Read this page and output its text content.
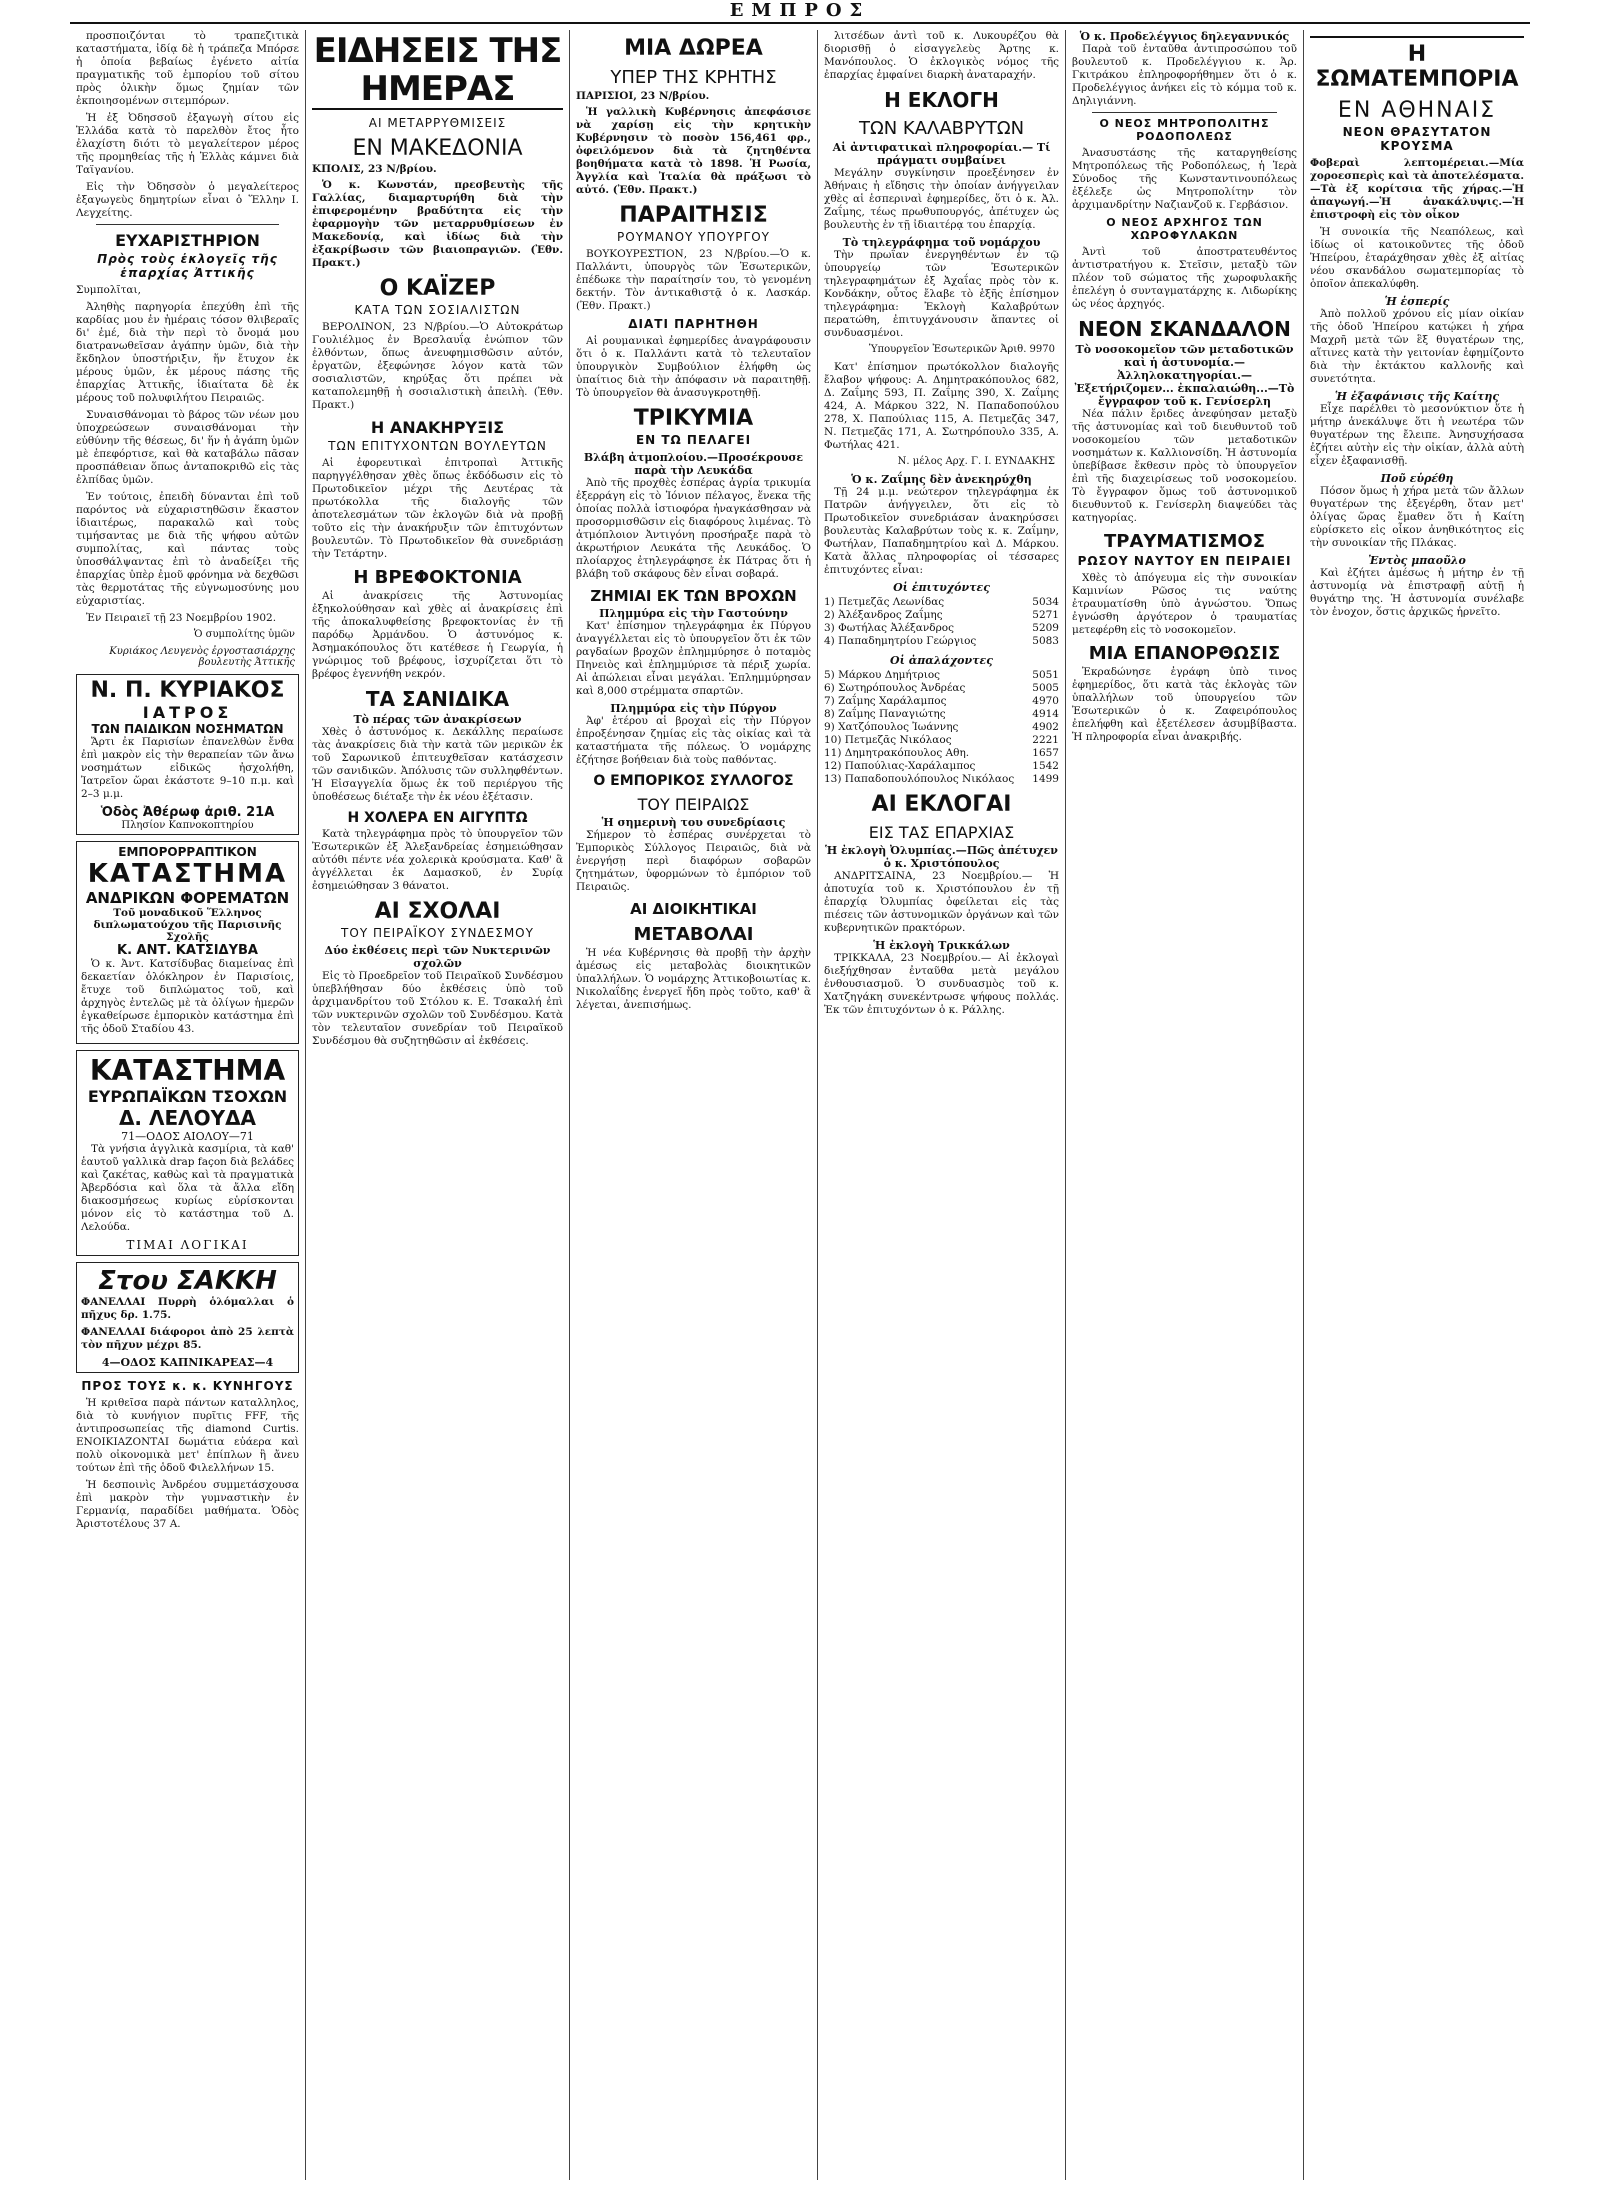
ΕΜΠΡΟΣ

προσποιζόνται τὸ τραπεζιτικὰ καταστήματα, ἰδίᾳ δὲ ἡ τράπεζα Μπόρσε ἡ ὁποία βεβαίως ἐγένετο αἰτία πραγματικῆς τοῦ ἐμπορίου τοῦ σίτου πρὸς ὀλικὴν ὅμως ζημίαν τῶν ἐκποιησομένων σιτεμπόρων.

Ἡ ἐξ Ὀδησσοῦ ἐξαγωγὴ σίτου εἰς Ἑλλάδα κατὰ τὸ παρελθὸν ἔτος ἦτο ἐλαχίστη διότι τὸ μεγαλείτερον μέρος τῆς προμηθείας τῆς ἡ Ἑλλὰς κάμνει διὰ Ταϊγανίου.

Εἰς τὴν Ὀδησσὸν ὁ μεγαλείτερος ἐξαγωγεὺς δημητρίων εἶναι ὁ Ἕλλην Ι. Λεγχείτης.

ΕΥΧΑΡΙΣΤΗΡΙΟΝ
Πρὸς τοὺς ἐκλογεῖς τῆς ἐπαρχίας Ἀττικῆς

Συμπολῖται,

Ἀληθὴς παρηγορία ἐπεχύθη ἐπὶ τῆς καρδίας μου ἐν ἡμέραις τόσον θλιβεραῖς δι' ἐμέ, διὰ τὴν περὶ τὸ ὄνομά μου διατρανωθεῖσαν ἀγάπην ὑμῶν, διὰ τὴν ἔκδηλον ὑποστήριξιν, ἥν ἔτυχον ἐκ μέρους ὑμῶν, ἐκ μέρους πάσης τῆς ἐπαρχίας Ἀττικῆς, ἰδιαίτατα δὲ ἐκ μέρους τοῦ πολυφιλήτου Πειραιῶς.

Συναισθάνομαι τὸ βάρος τῶν νέων μου ὑποχρεώσεων συναισθάνομαι τὴν εὐθύνην τῆς θέσεως, δι' ἥν ἡ ἀγάπη ὑμῶν μὲ ἐπεφόρτισε, καὶ θὰ καταβάλω πᾶσαν προσπάθειαν ὅπως ἀνταποκριθῶ εἰς τὰς ἐλπίδας ὑμῶν.

Ἐν τούτοις, ἐπειδὴ δύνανται ἐπὶ τοῦ παρόντος νὰ εὐχαριστηθῶσιν ἕκαστον ἰδιαιτέρως, παρακαλῶ καὶ τοὺς τιμήσαντας με διὰ τῆς ψήφου αὐτῶν συμπολίτας, καὶ πάντας τοὺς ὑποσθάλψαντας ἐπὶ τὸ ἀναδείξει τῆς ἐπαρχίας ὑπὲρ ἐμοῦ φρόνημα νὰ δεχθῶσι τὰς θερμοτάτας τῆς εὐγνωμοσύνης μου εὐχαριστίας.

Ἐν Πειραιεῖ τῇ 23 Νοεμβρίου 1902.

Ὁ συμπολίτης ὑμῶν
Κυριάκος Λευγενὸς ἐργοστασιάρχης βουλευτὴς Ἀττικῆς
Ν. Π. ΚΥΡΙΑΚΟΣ
ΙΑΤΡΟΣ
ΤΩΝ ΠΑΙΔΙΚΩΝ ΝΟΣΗΜΑΤΩΝ

Ἄρτι ἐκ Παρισίων ἐπανελθὼν ἔνθα ἐπὶ μακρὸν εἰς τὴν θεραπείαν τῶν ἄνω νοσημάτων εἰδικῶς ἠσχολήθη, Ἰατρεῖον ὥραι ἑκάστοτε 9–10 π.μ. καὶ 2–3 μ.μ.

Ὁδὸς Ἀθέρωφ ἀριθ. 21Α
Πλησίον Καπνοκοπτηρίου
ΕΜΠΟΡΟΡΡΑΠΤΙΚΟΝ
ΚΑΤΑΣΤΗΜΑ
ΑΝΔΡΙΚΩΝ ΦΟΡΕΜΑΤΩΝ
Τοῦ μοναδικοῦ Ἕλληνος διπλωματούχου τῆς Παρισινῆς Σχολῆς
Κ. ΑΝΤ. ΚΑΤΣΙΔΥΒΑ

Ὁ κ. Ἀντ. Κατσίδυβας διαμείνας ἐπὶ δεκαετίαν ὁλόκληρον ἐν Παρισίοις, ἔτυχε τοῦ διπλώματος τοῦ, καὶ ἀρχηγὸς ἐντελῶς μὲ τὰ ὀλίγων ἡμερῶν ἐγκαθείρωσε ἐμπορικὸν κατάστημα ἐπὶ τῆς ὁδοῦ Σταδίου 43.

ΚΑΤΑΣΤΗΜΑ
ΕΥΡΩΠΑΪΚΩΝ ΤΣΟΧΩΝ
Δ. ΛΕΛΟΥΔΑ
71—ΟΔΟΣ ΑΙΟΛΟΥ—71

Τὰ γνήσια ἀγγλικὰ κασμίρια, τὰ καθ' ἑαυτοῦ γαλλικὰ drap façon διὰ βελάδες καὶ ζακέτας, καθὼς καὶ τὰ πραγματικὰ Ἀβερδόσια καὶ ὅλα τὰ ἄλλα εἴδη διακοσμήσεως κυρίως εὑρίσκονται μόνον εἰς τὸ κατάστημα τοῦ Δ. Λελούδα.

ΤΙΜΑΙ ΛΟΓΙΚΑΙ
Στου ΣΑΚΚΗ

ΦΑΝΕΛΛΑΙ Πυρρὴ ὁλόμαλλαι ὁ πῆχυς δρ. 1.75.

ΦΑΝΕΛΛΑΙ διάφοροι ἀπὸ 25 λεπτὰ τὸν πῆχυν μέχρι 85.

4—ΟΔΟΣ ΚΑΠΝΙΚΑΡΕΑΣ—4
ΠΡΟΣ ΤΟΥΣ κ. κ. ΚΥΝΗΓΟΥΣ

Ἡ κριθεῖσα παρὰ πάντων καταλληλος, διὰ τὸ κυνήγιον πυρῖτις FFF, τῆς ἀντιπροσωπείας τῆς diamond Curtis. ΕΝΟΙΚΙΑΖΟΝΤΑΙ δωμάτια εὐάερα καὶ πολὺ οἰκονομικὰ μετ' ἐπίπλων ἢ ἄνευ τούτων ἐπὶ τῆς ὁδοῦ Φιλελλήνων 15.

Ἡ δεσποινὶς Ἀνδρέου συμμετάσχουσα ἐπὶ μακρὸν τὴν γυμναστικὴν ἐν Γερμανίᾳ, παραδίδει μαθήματα. Ὁδὸς Ἀριστοτέλους 37 Α.

ΕΙΔΗΣΕΙΣ ΤΗΣ ΗΜΕΡΑΣ
ΑΙ ΜΕΤΑΡΡΥΘΜΙΣΕΙΣ
ΕΝ ΜΑΚΕΔΟΝΙΑ
ΚΠΟΛΙΣ, 23 Ν/βρίου.

Ὁ κ. Κωνστάν, πρεσβευτὴς τῆς Γαλλίας, διαμαρτυρήθη διὰ τὴν ἐπιφερομένην βραδύτητα εἰς τὴν ἐφαρμογὴν τῶν μεταρρυθμίσεων ἐν Μακεδονίᾳ, καὶ ἰδίως διὰ τὴν ἐξακρίβωσιν τῶν βιαιοπραγιῶν. (Ἐθν. Πρακτ.)

Ο ΚΑΪΖΕΡ
ΚΑΤΑ ΤΩΝ ΣΟΣΙΑΛΙΣΤΩΝ

ΒΕΡΟΛΙΝΟΝ, 23 Ν/βρίου.—Ὁ Αὐτοκράτωρ Γουλιέλμος ἐν Βρεσλαυΐᾳ ἐνώπιον τῶν ἐλθόντων, ὅπως ἀνευφημισθῶσιν αὐτόν, ἐργατῶν, ἐξεφώνησε λόγον κατὰ τῶν σοσιαλιστῶν, κηρύξας ὅτι πρέπει νὰ καταπολεμηθῇ ἡ σοσιαλιστικὴ ἀπειλὴ. (Ἐθν. Πρακτ.)

Η ΑΝΑΚΗΡΥΞΙΣ
ΤΩΝ ΕΠΙΤΥΧΟΝΤΩΝ ΒΟΥΛΕΥΤΩΝ

Αἱ ἐφορευτικαὶ ἐπιτροπαὶ Ἀττικῆς παρηγγέλθησαν χθὲς ὅπως ἐκδόδωσιν εἰς τὸ Πρωτοδικεῖον μέχρι τῆς Δευτέρας τὰ πρωτόκολλα τῆς διαλογῆς τῶν ἀποτελεσμάτων τῶν ἐκλογῶν διὰ νὰ προβῇ τοῦτο εἰς τὴν ἀνακήρυξιν τῶν ἐπιτυχόντων βουλευτῶν. Τὸ Πρωτοδικεῖον θὰ συνεδριάσῃ τὴν Τετάρτην.

Η ΒΡΕΦΟΚΤΟΝΙΑ

Αἱ ἀνακρίσεις τῆς Ἀστυνομίας ἐξηκολούθησαν καὶ χθὲς αἱ ἀνακρίσεις ἐπὶ τῆς ἀποκαλυφθείσης βρεφοκτονίας ἐν τῇ παρόδῳ Ἀρμάνδου. Ὁ ἀστυνόμος κ. Ἀσημακόπουλος ὅτι κατέθεσε ἡ Γεωργία, ἡ γνώριμος τοῦ βρέφους, ἰσχυρίζεται ὅτι τὸ βρέφος ἐγεννήθη νεκρόν.

ΤΑ ΣΑΝΙΔΙΚΑ
Τὸ πέρας τῶν ἀνακρίσεων

Χθὲς ὁ ἀστυνόμος κ. Δεκάλλης περαίωσε τὰς ἀνακρίσεις διὰ τὴν κατὰ τῶν μερικῶν ἐκ τοῦ Σαρωνικοῦ ἐπιτευχθεῖσαν κατάσχεσιν τῶν σανιδικῶν. Ἀπόλυσις τῶν συλληφθέντων. Ἡ Εἰσαγγελία ὅμως ἐκ τοῦ περιέργου τῆς ὑποθέσεως διέταξε τὴν ἐκ νέου ἐξέτασιν.

Η ΧΟΛΕΡΑ ΕΝ ΑΙΓΥΠΤΩ

Κατὰ τηλεγράφημα πρὸς τὸ ὑπουργεῖον τῶν Ἐσωτερικῶν ἐξ Ἀλεξανδρείας ἐσημειώθησαν αὐτόθι πέντε νέα χολερικὰ κρούσματα. Καθ' ἃ ἀγγέλλεται ἐκ Δαμασκοῦ, ἐν Συρίᾳ ἐσημειώθησαν 3 θάνατοι.

ΑΙ ΣΧΟΛΑΙ
ΤΟΥ ΠΕΙΡΑΪΚΟΥ ΣΥΝΔΕΣΜΟΥ
Δύο ἐκθέσεις περὶ τῶν Νυκτερινῶν σχολῶν

Εἰς τὸ Προεδρεῖον τοῦ Πειραϊκοῦ Συνδέσμου ὑπεβλήθησαν δύο ἐκθέσεις ὑπὸ τοῦ ἀρχιμανδρίτου τοῦ Στόλου κ. Ε. Τσακαλή ἐπὶ τῶν νυκτερινῶν σχολῶν τοῦ Συνδέσμου. Κατὰ τὸν τελευταῖον συνεδρίαν τοῦ Πειραϊκοῦ Συνδέσμου θὰ συζητηθῶσιν αἱ ἐκθέσεις.

ΜΙΑ ΔΩΡΕΑ
ΥΠΕΡ ΤΗΣ ΚΡΗΤΗΣ
ΠΑΡΙΣΙΟΙ, 23 Ν/βρίου.

Ἡ γαλλικὴ Κυβέρνησις ἀπεφάσισε νὰ χαρίσῃ εἰς τὴν κρητικὴν Κυβέρνησιν τὸ ποσὸν 156,461 φρ., ὀφειλόμενον διὰ τὰ ζητηθέντα βοηθήματα κατὰ τὸ 1898. Ἡ Ρωσία, Ἀγγλία καὶ Ἰταλία θὰ πράξωσι τὸ αὐτό. (Ἐθν. Πρακτ.)

ΠΑΡΑΙΤΗΣΙΣ
ΡΟΥΜΑΝΟΥ ΥΠΟΥΡΓΟΥ

ΒΟΥΚΟΥΡΕΣΤΙΟΝ, 23 Ν/βρίου.—Ὁ κ. Παλλάντι, ὑπουργὸς τῶν Ἐσωτερικῶν, ἐπέδωκε τὴν παραίτησίν του, τὸ γενομένη δεκτήν. Τὸν ἀντικαθιστᾷ ὁ κ. Λασκάρ. (Ἐθν. Πρακτ.)

ΔΙΑΤΙ ΠΑΡΗΤΗΘΗ

Αἱ ρουμανικαὶ ἐφημερίδες ἀναγράφουσιν ὅτι ὁ κ. Παλλάντι κατὰ τὸ τελευταῖον ὑπουργικὸν Συμβούλιον ἐλήφθη ὡς ὑπαίτιος διὰ τὴν ἀπόφασιν νὰ παραιτηθῇ. Τὸ ὑπουργεῖον θὰ ἀνασυγκροτηθῇ.

ΤΡΙΚΥΜΙΑ
ΕΝ ΤΩ ΠΕΛΑΓΕΙ
Βλάβη ἀτμοπλοίου.—Προσέκρουσε παρὰ τὴν Λευκάδα

Ἀπὸ τῆς προχθὲς ἑσπέρας ἀγρία τρικυμία ἐξερράγη εἰς τὸ Ἰόνιον πέλαγος, ἕνεκα τῆς ὁποίας πολλὰ ἱστιοφόρα ἠναγκάσθησαν νὰ προσορμισθῶσιν εἰς διαφόρους λιμένας. Τὸ ἀτμόπλοιον Ἀντιγόνη προσήραξε παρὰ τὸ ἀκρωτήριον Λευκάτα τῆς Λευκάδος. Ὁ πλοίαρχος ἐτηλεγράφησε ἐκ Πάτρας ὅτι ἡ βλάβη τοῦ σκάφους δὲν εἶναι σοβαρά.

ΖΗΜΙΑΙ ΕΚ ΤΩΝ ΒΡΟΧΩΝ
Πλημμύρα εἰς τὴν Γαστούνην

Κατ' ἐπίσημον τηλεγράφημα ἐκ Πύργου ἀναγγέλλεται εἰς τὸ ὑπουργεῖον ὅτι ἐκ τῶν ραγδαίων βροχῶν ἐπλημμύρησε ὁ ποταμὸς Πηνειὸς καὶ ἐπλημμύρισε τὰ πέριξ χωρία. Αἱ ἀπώλειαι εἶναι μεγάλαι. Ἐπλημμύρησαν καὶ 8,000 στρέμματα σπαρτῶν.

Πλημμύρα εἰς τὴν Πύργον

Ἀφ' ἑτέρου αἱ βροχαὶ εἰς τὴν Πύργον ἐπροξένησαν ζημίας εἰς τὰς οἰκίας καὶ τὰ καταστήματα τῆς πόλεως. Ὁ νομάρχης ἐζήτησε βοήθειαν διὰ τοὺς παθόντας.

Ο ΕΜΠΟΡΙΚΟΣ ΣΥΛΛΟΓΟΣ
ΤΟΥ ΠΕΙΡΑΙΩΣ
Ἡ σημερινὴ του συνεδρίασις

Σήμερον τὸ ἑσπέρας συνέρχεται τὸ Ἐμπορικὸς Σύλλογος Πειραιῶς, διὰ νὰ ἐνεργήσῃ περὶ διαφόρων σοβαρῶν ζητημάτων, ὑφορμώνων τὸ ἐμπόριον τοῦ Πειραιῶς.

ΑΙ ΔΙΟΙΚΗΤΙΚΑΙ
ΜΕΤΑΒΟΛΑΙ

Ἡ νέα Κυβέρνησις θὰ προβῇ τὴν ἀρχὴν ἀμέσως εἰς μεταβολὰς διοικητικῶν ὑπαλλήλων. Ὁ νομάρχης Ἀττικοβοιωτίας κ. Νικολαΐδης ἐνεργεῖ ἤδη πρὸς τοῦτο, καθ' ἃ λέγεται, ἀνεπισήμως.

λιτσέδων ἀντὶ τοῦ κ. Λυκουρέζου θὰ διορισθῇ ὁ εἰσαγγελεὺς Ἀρτης κ. Μανόπουλος. Ὁ ἐκλογικὸς νόμος τῆς ἐπαρχίας ἐμφαίνει διαρκὴ ἀναταραχήν.

Η ΕΚΛΟΓΗ
ΤΩΝ ΚΑΛΑΒΡΥΤΩΝ
Αἱ ἀντιφατικαὶ πληροφορίαι.— Τί πράγματι συμβαίνει

Μεγάλην συγκίνησιν προεξένησεν ἐν Ἀθήναις ἡ εἴδησις τὴν ὁποίαν ἀνήγγειλαν χθὲς αἱ ἑσπεριναὶ ἐφημερίδες, ὅτι ὁ κ. Ἀλ. Ζαΐμης, τέως πρωθυπουργός, ἀπέτυχεν ὡς βουλευτὴς ἐν τῇ ἰδιαιτέρᾳ του ἐπαρχίᾳ.

Τὸ τηλεγράφημα τοῦ νομάρχου

Τὴν πρωΐαν ἐνεργηθέντων ἐν τῷ ὑπουργείῳ τῶν Ἐσωτερικῶν τηλεγραφημάτων ἐξ Ἀχαΐας πρὸς τὸν κ. Κονδάκην, οὗτος ἔλαβε τὸ ἑξῆς ἐπίσημον τηλεγράφημα: Ἐκλογὴ Καλαβρύτων περατώθη, ἐπιτυγχάνουσιν ἅπαντες οἱ συνδυασμένοι.

Ὑπουργεῖον Ἐσωτερικῶν Ἀριθ. 9970

Κατ' ἐπίσημον πρωτόκολλον διαλογῆς ἔλαβον ψήφους: Α. Δημητρακόπουλος 682, Δ. Ζαΐμης 593, Π. Ζαΐμης 390, Χ. Ζαΐμης 424, Α. Μάρκου 322, Ν. Παπαδοπούλου 278, Χ. Παπούλιας 115, Α. Πετμεζᾶς 347, Ν. Πετμεζᾶς 171, Α. Σωτηρόπουλο 335, Α. Φωτήλας 421.

Ν. μέλος Αρχ. Γ. Ι. ΕΥΝΔΑΚΗΣ
Ὁ κ. Ζαΐμης δὲν ἀνεκηρύχθη

Τῇ 24 μ.μ. νεώτερον τηλεγράφημα ἐκ Πατρῶν ἀνήγγειλεν, ὅτι εἰς τὸ Πρωτοδικεῖον συνεδριάσαν ἀνακηρύσσει βουλευτὰς Καλαβρύτων τοὺς κ. κ. Ζαΐμην, Φωτήλαν, Παπαδημητρίου καὶ Δ. Μάρκου. Κατὰ ἄλλας πληροφορίας οἱ τέσσαρες ἐπιτυχόντες εἶναι:

Οἱ ἐπιτυχόντες
1) Πετμεζᾶς Λεωνίδας	5034
2) Ἀλέξανδρος Ζαΐμης	5271
3) Φωτήλας Ἀλέξανδρος	5209
4) Παπαδημητρίου Γεώργιος	5083
Οἱ ἀπαλάχοντες
5) Μάρκου Δημήτριος	5051
6) Σωτηρόπουλος Ἀνδρέας	5005
7) Ζαΐμης Χαράλαμπος	4970
8) Ζαΐμης Παναγιώτης	4914
9) Χατζόπουλος Ἰωάννης	4902
10) Πετμεζᾶς Νικόλαος	2221
11) Δημητρακόπουλος Αθη.	1657
12) Παπούλιας-Χαράλαμπος	1542
13) Παπαδοπουλόπουλος Νικόλαος 1499
ΑΙ ΕΚΛΟΓΑΙ
ΕΙΣ ΤΑΣ ΕΠΑΡΧΙΑΣ
Ἡ ἐκλογὴ Ὀλυμπίας.—Πῶς ἀπέτυχεν ὁ κ. Χριστόπουλος

ΑΝΔΡΙΤΣΑΙΝΑ, 23 Νοεμβρίου.— Ἡ ἀποτυχία τοῦ κ. Χριστόπουλου ἐν τῇ ἐπαρχίᾳ Ὀλυμπίας ὀφείλεται εἰς τὰς πιέσεις τῶν ἀστυνομικῶν ὀργάνων καὶ τῶν κυβερνητικῶν πρακτόρων.

Ἡ ἐκλογὴ Τρικκάλων

ΤΡΙΚΚΑΛΑ, 23 Νοεμβρίου.— Αἱ ἐκλογαὶ διεξήχθησαν ἐνταῦθα μετὰ μεγάλου ἐνθουσιασμοῦ. Ὁ συνδυασμὸς τοῦ κ. Χατζηγάκη συνεκέντρωσε ψήφους πολλάς. Ἐκ τῶν ἐπιτυχόντων ὁ κ. Ράλλης.

Ὁ κ. Προδελέγγιος δηλεγαννικός

Παρὰ τοῦ ἐνταῦθα ἀντιπροσώπου τοῦ βουλευτοῦ κ. Προδελέγγιου κ. Ἀρ. Γκιτράκου ἐπληροφορήθημεν ὅτι ὁ κ. Προδελέγγιος ἀνήκει εἰς τὸ κόμμα τοῦ κ. Δηλιγιάννη.

Ο ΝΕΟΣ ΜΗΤΡΟΠΟΛΙΤΗΣ ΡΟΔΟΠΟΛΕΩΣ

Ἀνασυστάσης τῆς καταργηθείσης Μητροπόλεως τῆς Ροδοπόλεως, ἡ Ἱερὰ Σύνοδος τῆς Κωνσταντινουπόλεως ἐξέλεξε ὡς Μητροπολίτην τὸν ἀρχιμανδρίτην Ναζιανζοῦ κ. Γερβάσιον.

Ο ΝΕΟΣ ΑΡΧΗΓΟΣ ΤΩΝ ΧΩΡΟΦΥΛΑΚΩΝ

Ἀντὶ τοῦ ἀποστρατευθέντος ἀντιστρατήγου κ. Στεῖσιν, μεταξὺ τῶν πλέον τοῦ σώματος τῆς χωροφυλακῆς ἐπελέγη ὁ συνταγματάρχης κ. Λιδωρίκης ὡς νέος ἀρχηγός.

ΝΕΟΝ ΣΚΑΝΔΑΛΟΝ
Τὸ νοσοκομεῖον τῶν μεταδοτικῶν καὶ ἡ ἀστυνομία.—Ἀλληλοκατηγορίαι.—Ἐξετήριζομεν... ἐκπαλαιώθη...—Τὸ ἔγγραφον τοῦ κ. Γενίσερλη

Νέα πάλιν ἔριδες ἀνεφύησαν μεταξὺ τῆς ἀστυνομίας καὶ τοῦ διευθυντοῦ τοῦ νοσοκομείου τῶν μεταδοτικῶν νοσημάτων κ. Καλλιονσίδη. Ἡ ἀστυνομία ὑπεβίβασε ἔκθεσιν πρὸς τὸ ὑπουργεῖον ἐπὶ τῆς διαχειρίσεως τοῦ νοσοκομείου. Τὸ ἔγγραφον ὅμως τοῦ ἀστυνομικοῦ διευθυντοῦ κ. Γενίσερλη διαψεύδει τὰς κατηγορίας.

ΤΡΑΥΜΑΤΙΣΜΟΣ
ΡΩΣΟΥ ΝΑΥΤΟΥ ΕΝ ΠΕΙΡΑΙΕΙ

Χθὲς τὸ ἀπόγευμα εἰς τὴν συνοικίαν Καμινίων Ρῶσος τις ναύτης ἐτραυματίσθη ὑπὸ ἀγνώστου. Ὅπως ἐγνώσθη ἀργότερον ὁ τραυματίας μετεφέρθη εἰς τὸ νοσοκομεῖον.

ΜΙΑ ΕΠΑΝΟΡΘΩΣΙΣ

Ἐκραδώνησε ἐγράφη ὑπὸ τινος ἐφημερίδος, ὅτι κατὰ τὰς ἐκλογὰς τῶν ὑπαλλήλων τοῦ ὑπουργείου τῶν Ἐσωτερικῶν ὁ κ. Ζαφειρόπουλος ἐπελήφθη καὶ ἐξετέλεσεν ἀσυμβίβαστα. Ἡ πληροφορία εἶναι ἀνακριβής.

Η ΣΩΜΑΤΕΜΠΟΡΙΑ
ΕΝ ΑΘΗΝΑΙΣ
ΝΕΟΝ ΘΡΑΣΥΤΑΤΟΝ ΚΡΟΥΣΜΑ

Φοβεραὶ λεπτομέρειαι.—Μία χοροεσπερὶς καὶ τὰ ἀποτελέσματα.—Τὰ ἐξ κορίτσια τῆς χήρας.—Ἡ ἀπαγωγή.—Ἡ ἀνακάλυψις.—Ἡ ἐπιστροφὴ εἰς τὸν οἶκον

Ἡ συνοικία τῆς Νεαπόλεως, καὶ ἰδίως οἱ κατοικοῦντες τῆς ὁδοῦ Ἠπείρου, ἐταράχθησαν χθὲς ἐξ αἰτίας νέου σκανδάλου σωματεμπορίας τὸ ὁποῖον ἀπεκαλύφθη.

Ἡ ἑσπερίς

Ἀπὸ πολλοῦ χρόνου εἰς μίαν οἰκίαν τῆς ὁδοῦ Ἠπείρου κατῴκει ἡ χήρα Μαχρῆ μετὰ τῶν ἓξ θυγατέρων της, αἵτινες κατὰ τὴν γειτονίαν ἐφημίζοντο διὰ τὴν ἐκτάκτου καλλονῆς καὶ συνετότητα.

Ἡ ἐξαφάνισις τῆς Καίτης

Εἶχε παρέλθει τὸ μεσονύκτιον ὅτε ἡ μήτηρ ἀνεκάλυψε ὅτι ἡ νεωτέρα τῶν θυγατέρων της ἔλειπε. Ἀνησυχήσασα ἐζήτει αὐτὴν εἰς τὴν οἰκίαν, ἀλλὰ αὐτὴ εἶχεν ἐξαφανισθῇ.

Ποῦ εὑρέθη

Πόσον ὅμως ἡ χήρα μετὰ τῶν ἄλλων θυγατέρων της ἐξεγέρθη, ὅταν μετ' ὀλίγας ὥρας ἔμαθεν ὅτι ἡ Καίτη εὑρίσκετο εἰς οἶκον ἀνηθικότητος εἰς τὴν συνοικίαν τῆς Πλάκας.

Ἐντὸς μπαοῦλο

Καὶ ἐζήτει ἀμέσως ἡ μήτηρ ἐν τῇ ἀστυνομίᾳ νὰ ἐπιστραφῇ αὐτῇ ἡ θυγάτηρ της. Ἡ ἀστυνομία συνέλαβε τὸν ἐνοχον, ὅστις ἀρχικῶς ἠρνεῖτο.
